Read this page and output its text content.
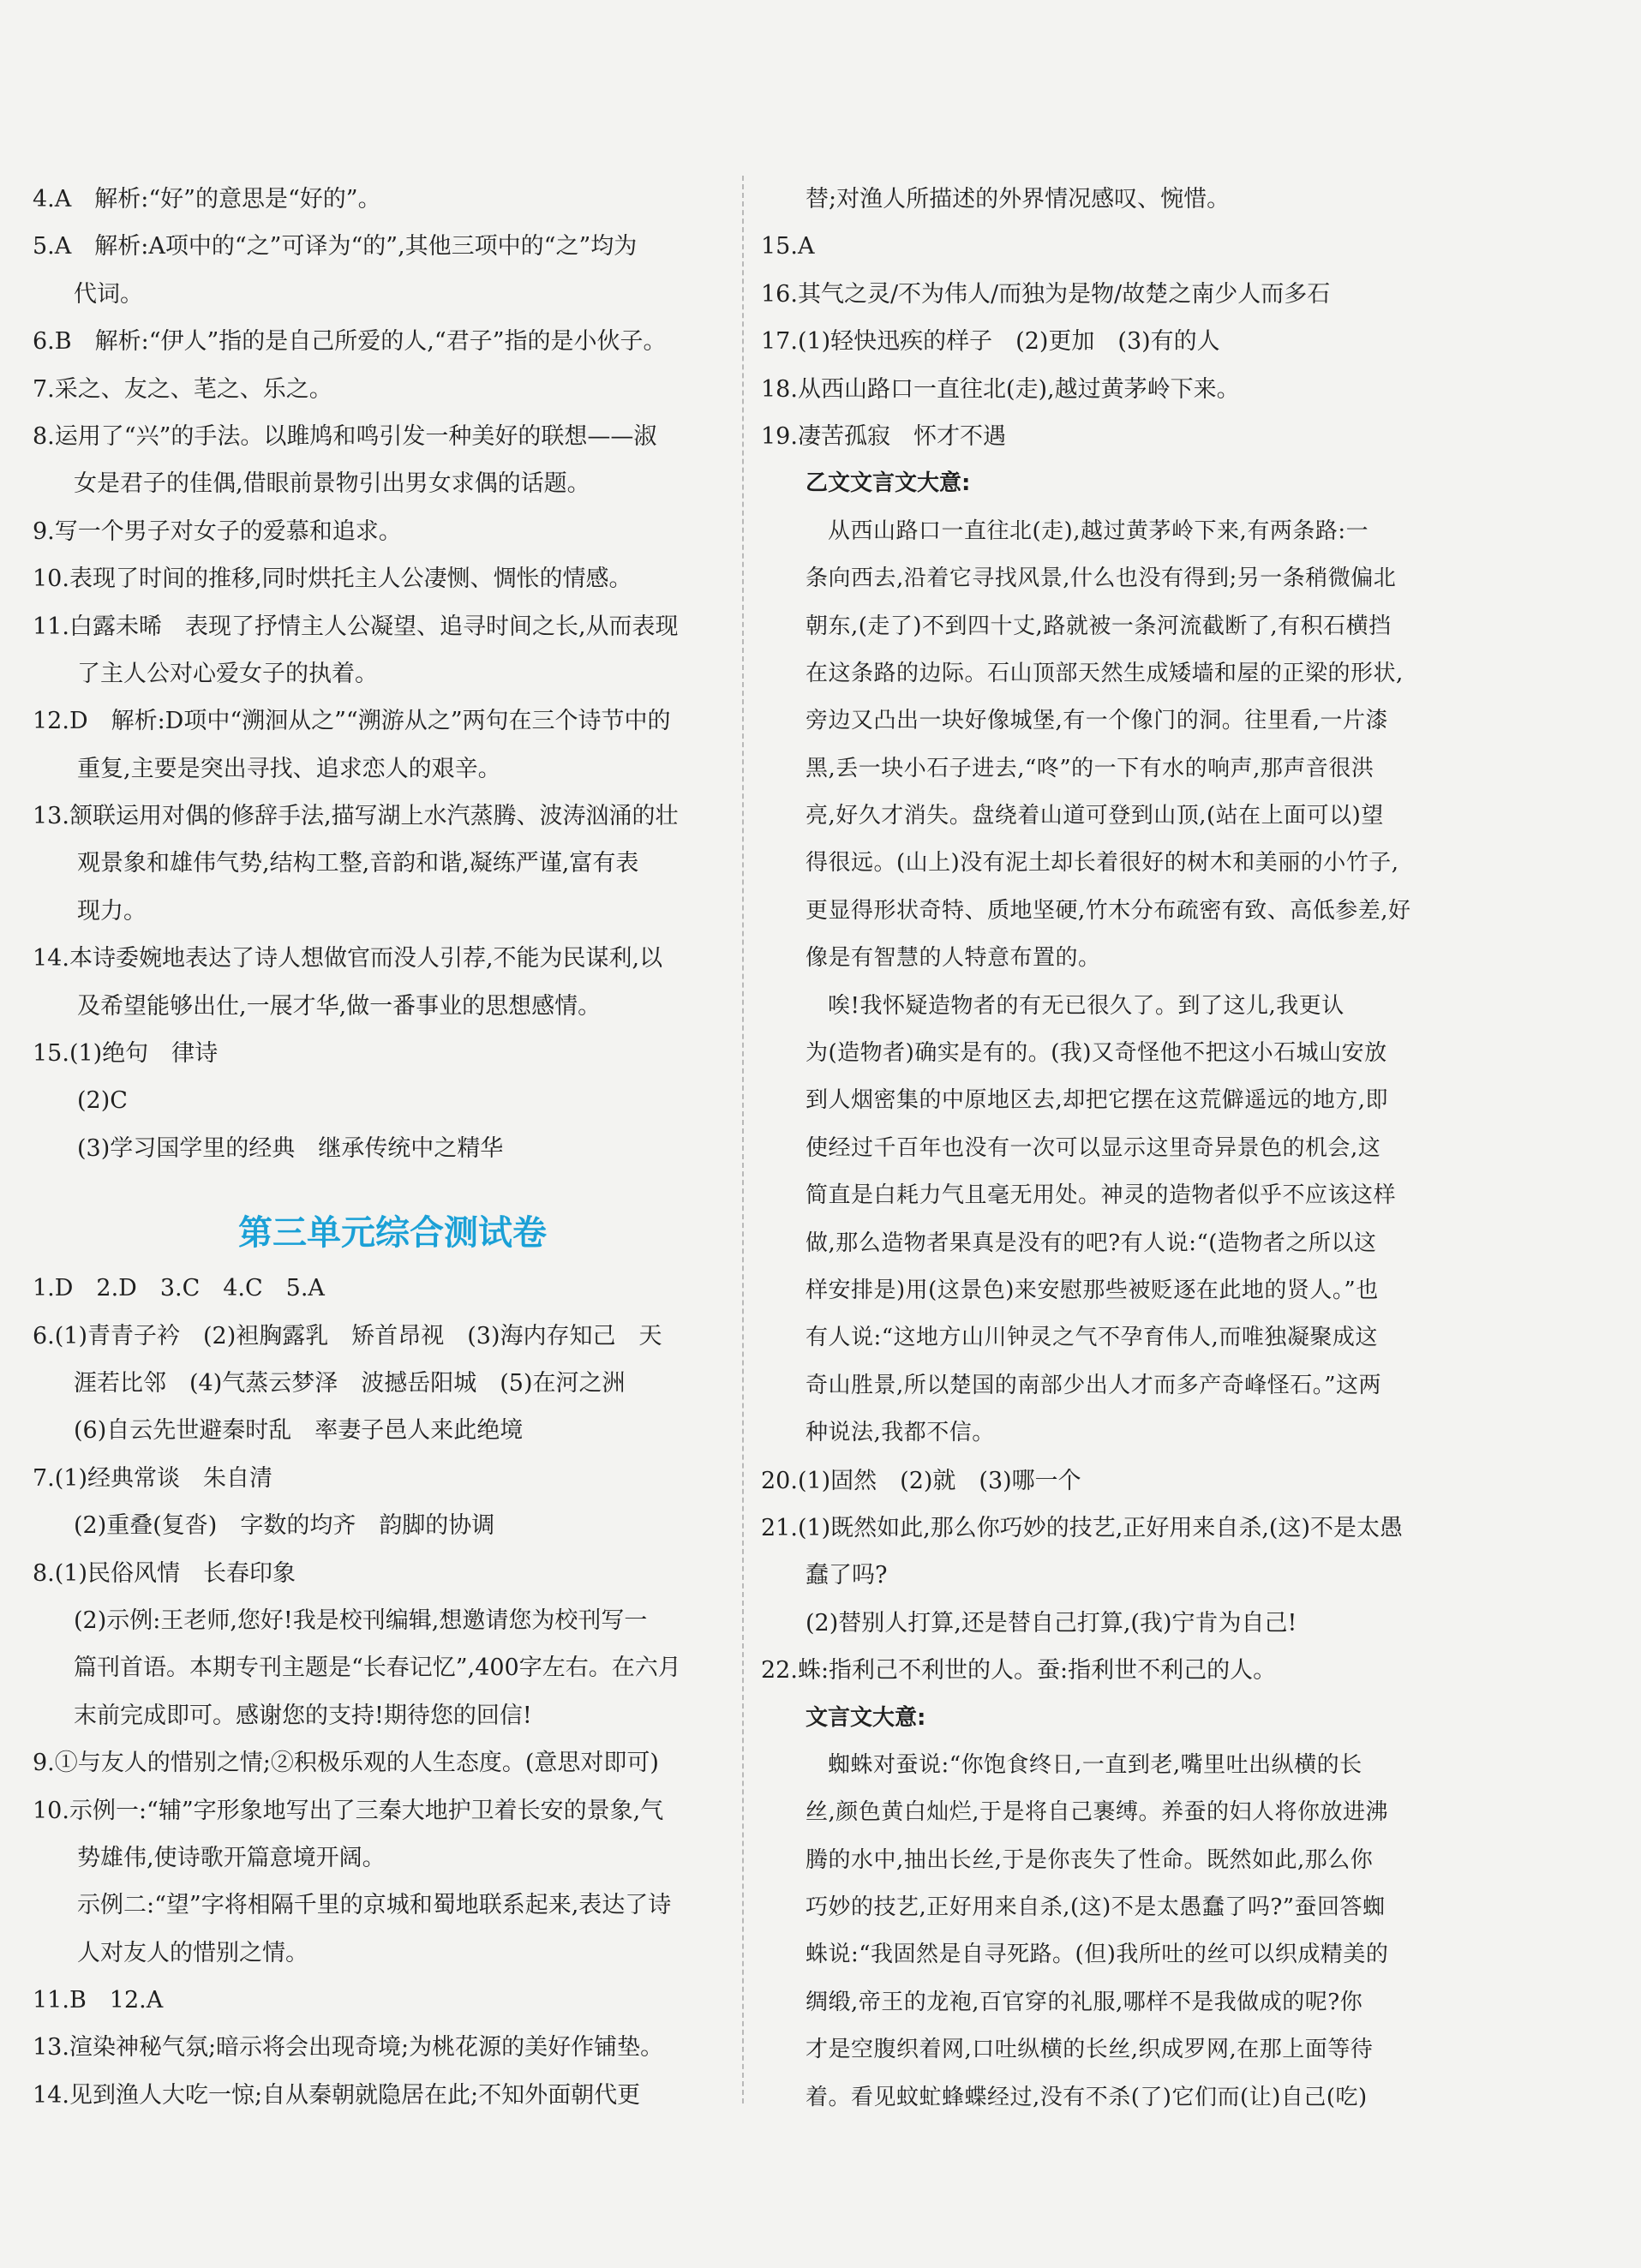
4.A　解析:“好”的意思是“好的”。
5.A　解析:A项中的“之”可译为“的”,其他三项中的“之”均为
代词。
6.B　解析:“伊人”指的是自己所爱的人,“君子”指的是小伙子。
7.采之、友之、芼之、乐之。
8.运用了“兴”的手法。以雎鸠和鸣引发一种美好的联想——淑
女是君子的佳偶,借眼前景物引出男女求偶的话题。
9.写一个男子对女子的爱慕和追求。
10.表现了时间的推移,同时烘托主人公凄恻、惆怅的情感。
11.白露未晞　表现了抒情主人公凝望、追寻时间之长,从而表现
了主人公对心爱女子的执着。
12.D　解析:D项中“溯洄从之”“溯游从之”两句在三个诗节中的
重复,主要是突出寻找、追求恋人的艰辛。
13.颔联运用对偶的修辞手法,描写湖上水汽蒸腾、波涛汹涌的壮
观景象和雄伟气势,结构工整,音韵和谐,凝练严谨,富有表
现力。
14.本诗委婉地表达了诗人想做官而没人引荐,不能为民谋利,以
及希望能够出仕,一展才华,做一番事业的思想感情。
15.(1)绝句　律诗
(2)C
(3)学习国学里的经典　继承传统中之精华
第三单元综合测试卷
1.D　2.D　3.C　4.C　5.A
6.(1)青青子衿　(2)袒胸露乳　矫首昂视　(3)海内存知己　天
涯若比邻　(4)气蒸云梦泽　波撼岳阳城　(5)在河之洲
(6)自云先世避秦时乱　率妻子邑人来此绝境
7.(1)经典常谈　朱自清
(2)重叠(复沓)　字数的均齐　韵脚的协调
8.(1)民俗风情　长春印象
(2)示例:王老师,您好!我是校刊编辑,想邀请您为校刊写一
篇刊首语。本期专刊主题是“长春记忆”,400字左右。在六月
末前完成即可。感谢您的支持!期待您的回信!
9.①与友人的惜别之情;②积极乐观的人生态度。(意思对即可)
10.示例一:“辅”字形象地写出了三秦大地护卫着长安的景象,气
势雄伟,使诗歌开篇意境开阔。
示例二:“望”字将相隔千里的京城和蜀地联系起来,表达了诗
人对友人的惜别之情。
11.B　12.A
13.渲染神秘气氛;暗示将会出现奇境;为桃花源的美好作铺垫。
14.见到渔人大吃一惊;自从秦朝就隐居在此;不知外面朝代更
替;对渔人所描述的外界情况感叹、惋惜。
15.A
16.其气之灵/不为伟人/而独为是物/故楚之南少人而多石
17.(1)轻快迅疾的样子　(2)更加　(3)有的人
18.从西山路口一直往北(走),越过黄茅岭下来。
19.凄苦孤寂　怀才不遇
乙文文言文大意:
从西山路口一直往北(走),越过黄茅岭下来,有两条路:一
条向西去,沿着它寻找风景,什么也没有得到;另一条稍微偏北
朝东,(走了)不到四十丈,路就被一条河流截断了,有积石横挡
在这条路的边际。石山顶部天然生成矮墙和屋的正梁的形状,
旁边又凸出一块好像城堡,有一个像门的洞。往里看,一片漆
黑,丢一块小石子进去,“咚”的一下有水的响声,那声音很洪
亮,好久才消失。盘绕着山道可登到山顶,(站在上面可以)望
得很远。(山上)没有泥土却长着很好的树木和美丽的小竹子,
更显得形状奇特、质地坚硬,竹木分布疏密有致、高低参差,好
像是有智慧的人特意布置的。
唉!我怀疑造物者的有无已很久了。到了这儿,我更认
为(造物者)确实是有的。(我)又奇怪他不把这小石城山安放
到人烟密集的中原地区去,却把它摆在这荒僻遥远的地方,即
使经过千百年也没有一次可以显示这里奇异景色的机会,这
简直是白耗力气且毫无用处。神灵的造物者似乎不应该这样
做,那么造物者果真是没有的吧?有人说:“(造物者之所以这
样安排是)用(这景色)来安慰那些被贬逐在此地的贤人。”也
有人说:“这地方山川钟灵之气不孕育伟人,而唯独凝聚成这
奇山胜景,所以楚国的南部少出人才而多产奇峰怪石。”这两
种说法,我都不信。
20.(1)固然　(2)就　(3)哪一个
21.(1)既然如此,那么你巧妙的技艺,正好用来自杀,(这)不是太愚
蠢了吗?
(2)替别人打算,还是替自己打算,(我)宁肯为自己!
22.蛛:指利己不利世的人。蚕:指利世不利己的人。
文言文大意:
蜘蛛对蚕说:“你饱食终日,一直到老,嘴里吐出纵横的长
丝,颜色黄白灿烂,于是将自己裹缚。养蚕的妇人将你放进沸
腾的水中,抽出长丝,于是你丧失了性命。既然如此,那么你
巧妙的技艺,正好用来自杀,(这)不是太愚蠢了吗?”蚕回答蜘
蛛说:“我固然是自寻死路。(但)我所吐的丝可以织成精美的
绸缎,帝王的龙袍,百官穿的礼服,哪样不是我做成的呢?你
才是空腹织着网,口吐纵横的长丝,织成罗网,在那上面等待
着。看见蚊虻蜂蝶经过,没有不杀(了)它们而(让)自己(吃)
